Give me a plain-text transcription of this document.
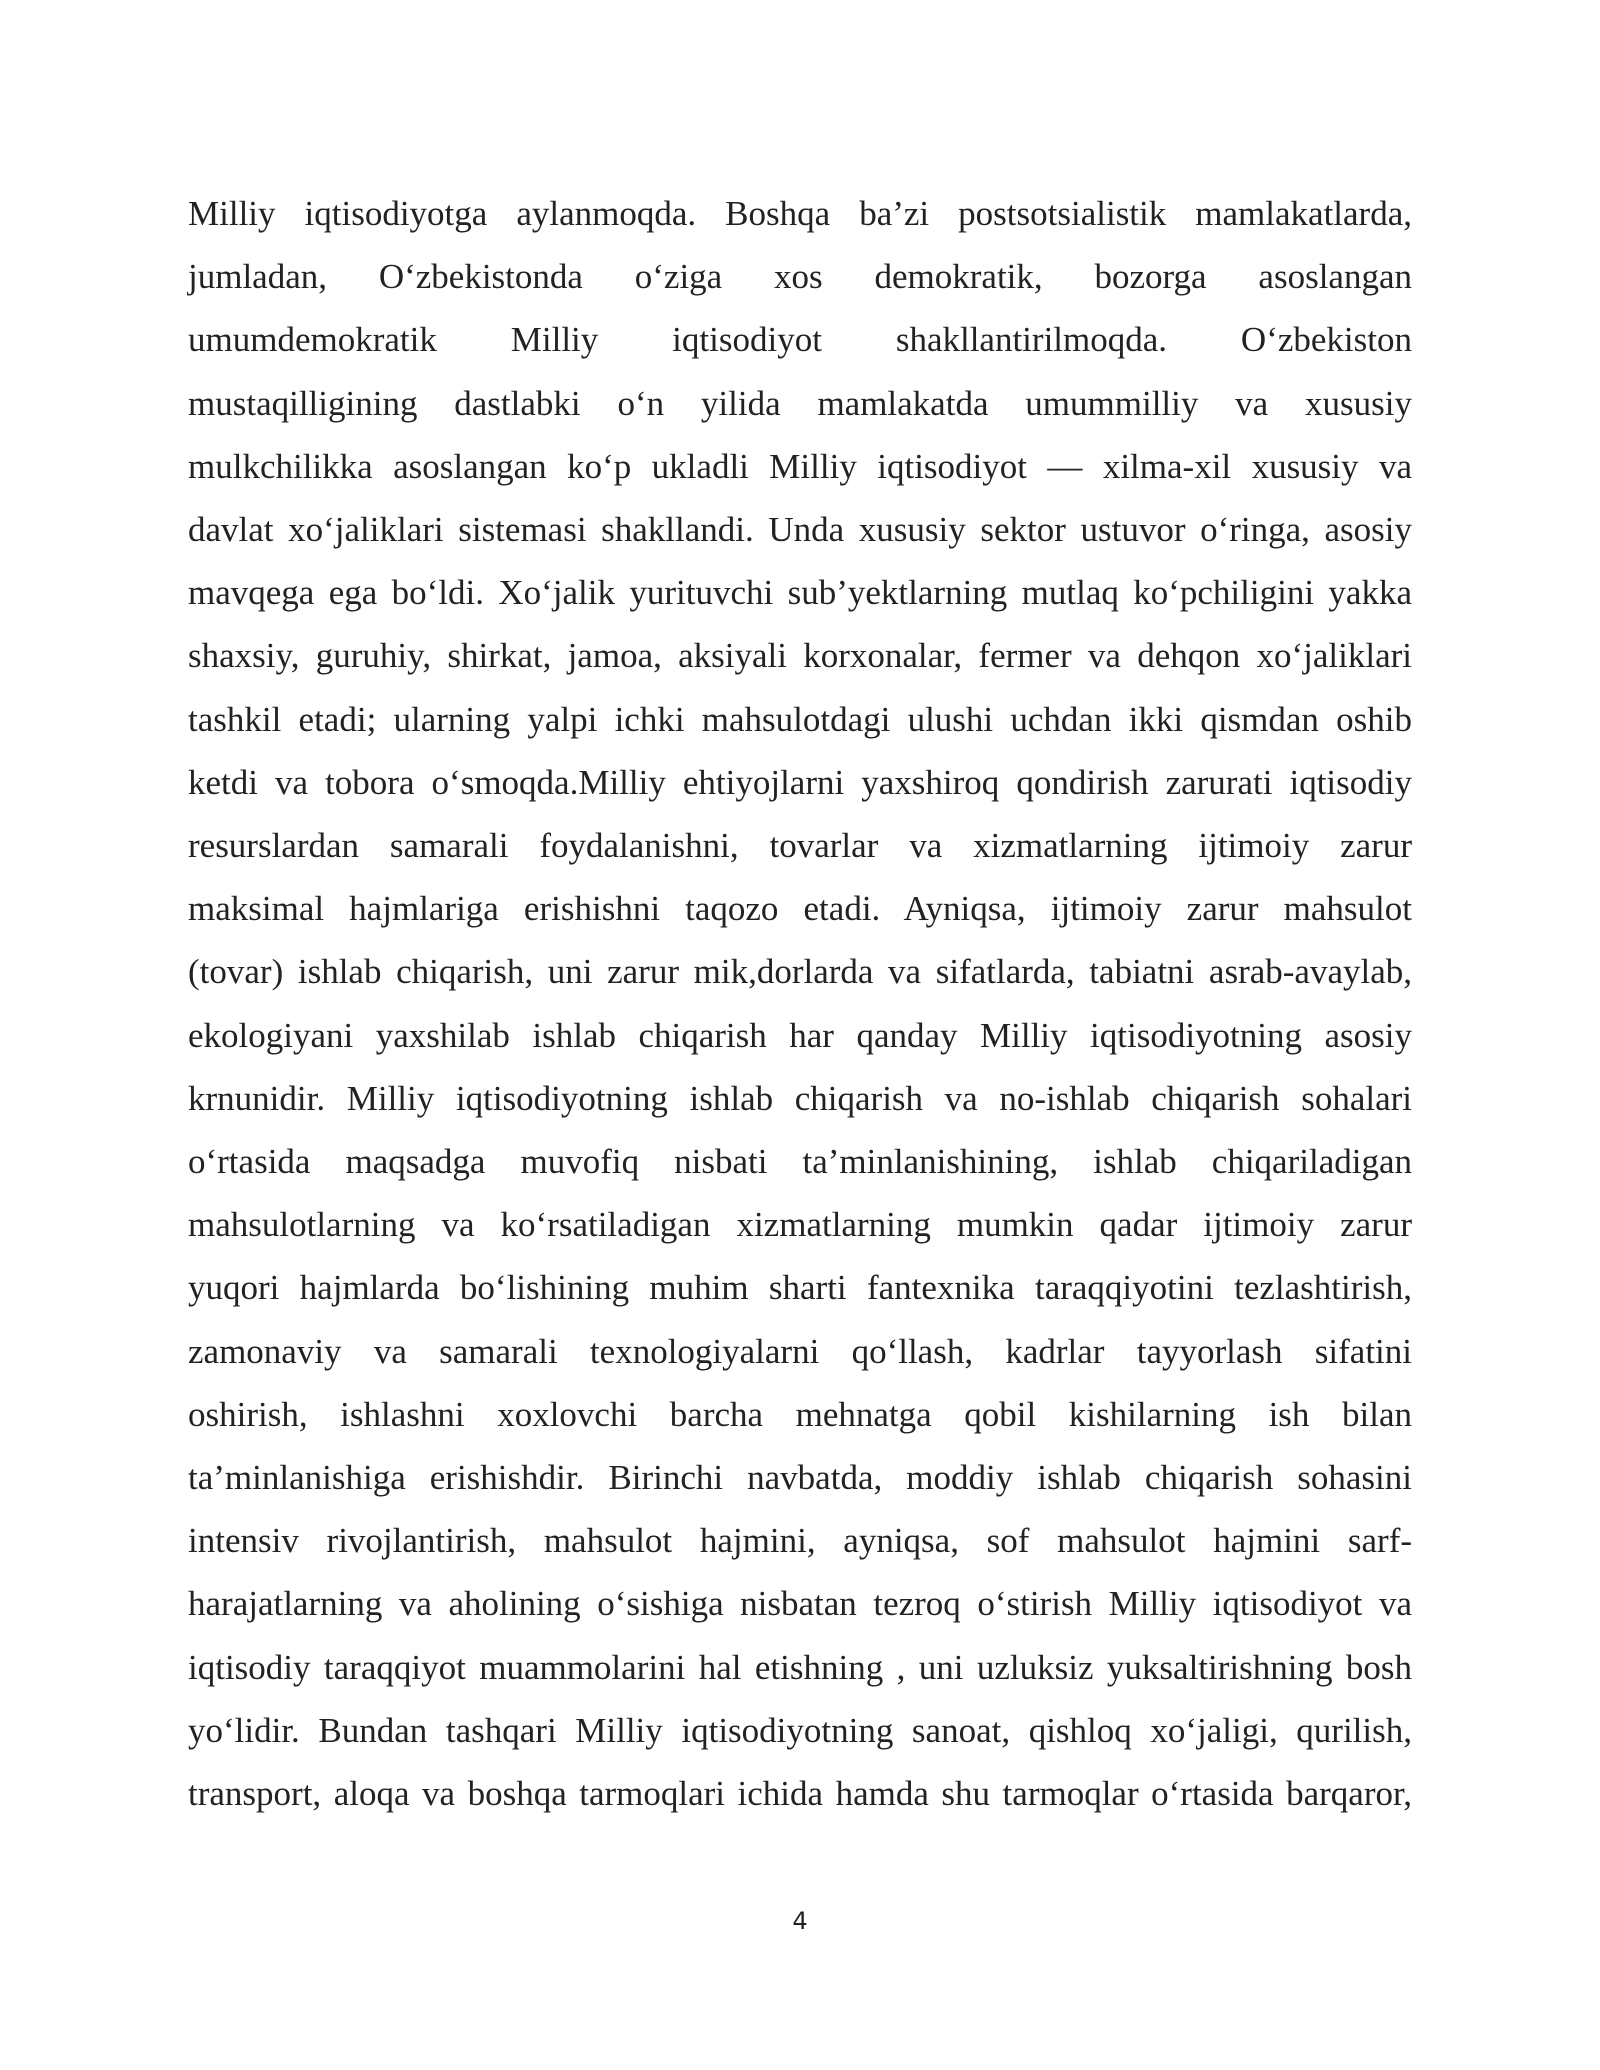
Milliy iqtisodiyotga aylanmoqda. Boshqa ba’zi postsotsialistik mamlakatlarda,
jumladan, O‘zbekistonda o‘ziga xos demokratik, bozorga asoslangan
umumdemokratik Milliy iqtisodiyot shakllantirilmoqda. O‘zbekiston
mustaqilligining dastlabki o‘n yilida mamlakatda umummilliy va xususiy
mulkchilikka asoslangan ko‘p ukladli Milliy iqtisodiyot — xilma-xil xususiy va
davlat xo‘jaliklari sistemasi shakllandi. Unda xususiy sektor ustuvor o‘ringa, asosiy
mavqega ega bo‘ldi. Xo‘jalik yurituvchi sub’yektlarning mutlaq ko‘pchiligini yakka
shaxsiy, guruhiy, shirkat, jamoa, aksiyali korxonalar, fermer va dehqon xo‘jaliklari
tashkil etadi; ularning yalpi ichki mahsulotdagi ulushi uchdan ikki qismdan oshib
ketdi va tobora o‘smoqda.Milliy ehtiyojlarni yaxshiroq qondirish zarurati iqtisodiy
resurslardan samarali foydalanishni, tovarlar va xizmatlarning ijtimoiy zarur
maksimal hajmlariga erishishni taqozo etadi. Ayniqsa, ijtimoiy zarur mahsulot
(tovar) ishlab chiqarish, uni zarur mik,dorlarda va sifatlarda, tabiatni asrab-avaylab,
ekologiyani yaxshilab ishlab chiqarish har qanday Milliy iqtisodiyotning asosiy
krnunidir. Milliy iqtisodiyotning ishlab chiqarish va no-ishlab chiqarish sohalari
o‘rtasida maqsadga muvofiq nisbati ta’minlanishining, ishlab chiqariladigan
mahsulotlarning va ko‘rsatiladigan xizmatlarning mumkin qadar ijtimoiy zarur
yuqori hajmlarda bo‘lishining muhim sharti fantexnika taraqqiyotini tezlashtirish,
zamonaviy va samarali texnologiyalarni qo‘llash, kadrlar tayyorlash sifatini
oshirish, ishlashni xoxlovchi barcha mehnatga qobil kishilarning ish bilan
ta’minlanishiga erishishdir. Birinchi navbatda, moddiy ishlab chiqarish sohasini
intensiv rivojlantirish, mahsulot hajmini, ayniqsa, sof mahsulot hajmini sarf-
harajatlarning va aholining o‘sishiga nisbatan tezroq o‘stirish Milliy iqtisodiyot va
iqtisodiy taraqqiyot muammolarini hal etishning , uni uzluksiz yuksaltirishning bosh
yo‘lidir. Bundan tashqari Milliy iqtisodiyotning sanoat, qishloq xo‘jaligi, qurilish,
transport, aloqa va boshqa tarmoqlari ichida hamda shu tarmoqlar o‘rtasida barqaror,
4
